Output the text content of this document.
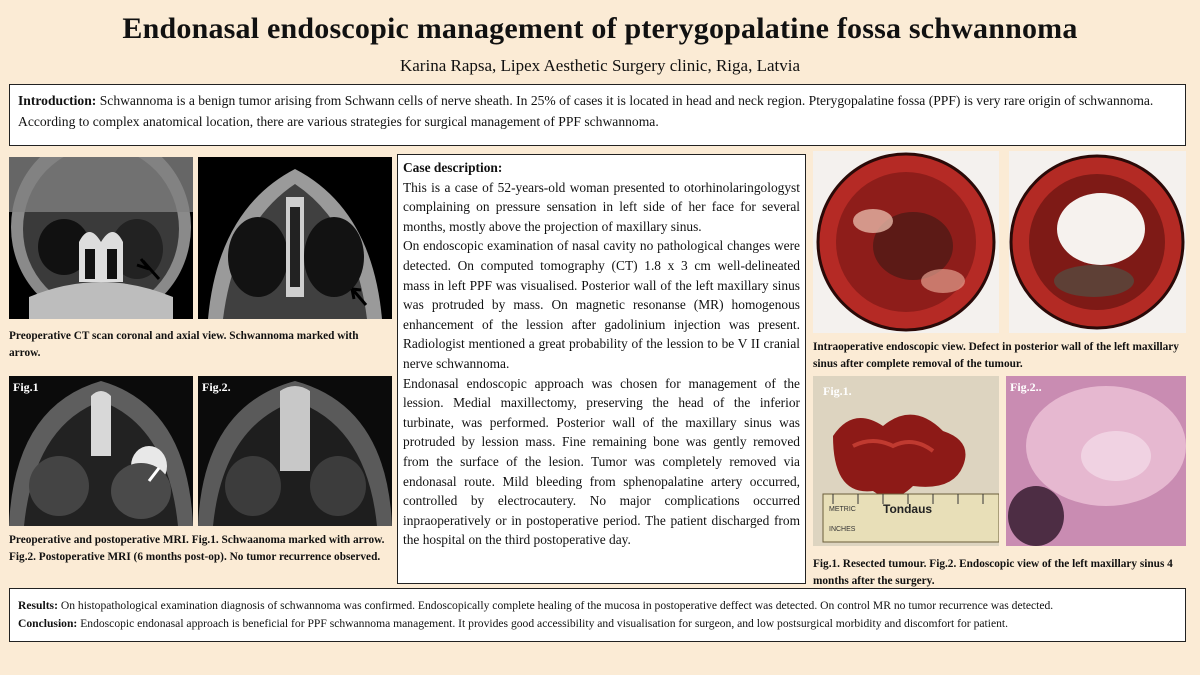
Endonasal endoscopic management of pterygopalatine fossa schwannoma
Karina Rapsa, Lipex Aesthetic Surgery clinic, Riga, Latvia
Introduction: Schwannoma is a benign tumor arising from Schwann cells of nerve sheath. In 25% of cases it is located in head and neck region. Pterygopalatine fossa (PPF) is very rare origin of schwannoma. According to complex anatomical location, there are various strategies for surgical management of PPF schwannoma.
Preoperative CT scan coronal and axial view. Schwannoma marked with arrow.
Fig.1	Fig.2.
Preoperative and postoperative MRI. Fig.1. Schwaanoma marked with arrow. Fig.2. Postoperative MRI (6 months post-op). No tumor recurrence observed.
Case description:
This is a case of 52-years-old woman presented to otorhinolaringologyst complaining on pressure sensation in left side of her face for several months, mostly above the projection of maxillary sinus.
On endoscopic examination of nasal cavity no pathological changes were detected. On computed tomography (CT) 1.8 x 3 cm well-delineated mass in left PPF was visualised. Posterior wall of the left maxillary sinus was protruded by mass. On magnetic resonanse (MR) homogenous enhancement of the lession after gadolinium injection was present. Radiologist mentioned a great probability of the lession to be V II cranial nerve schwannoma.
Endonasal endoscopic approach was chosen for management of the lession. Medial maxillectomy, preserving the head of the inferior turbinate, was performed. Posterior wall of the maxillary sinus was protruded by lession mass. Fine remaining bone was gently removed from the surface of the lesion. Tumor was completely removed via endonasal route. Mild bleeding from sphenopalatine artery occurred, controlled by electrocautery. No major complications occurred inpraoperatively or in postoperative period. The patient discharged from the hospital on the third postoperative day.
Intraoperative endoscopic view. Defect in posterior wall of the left maxillary sinus after complete removal of the tumour.
METRIC Tondaus
INCHES
Fig.1.	Fig.2..
Fig.1. Resected tumour. Fig.2. Endoscopic view of the left maxillary sinus 4 months after the surgery.
Results: On histopathological examination diagnosis of schwannoma was confirmed. Endoscopically complete healing of the mucosa in postoperative deffect was detected. On control MR no tumor recurrence was detected.
Conclusion: Endoscopic endonasal approach is beneficial for PPF schwannoma management. It provides good accessibility and visualisation for surgeon, and low postsurgical morbidity and discomfort for patient.
